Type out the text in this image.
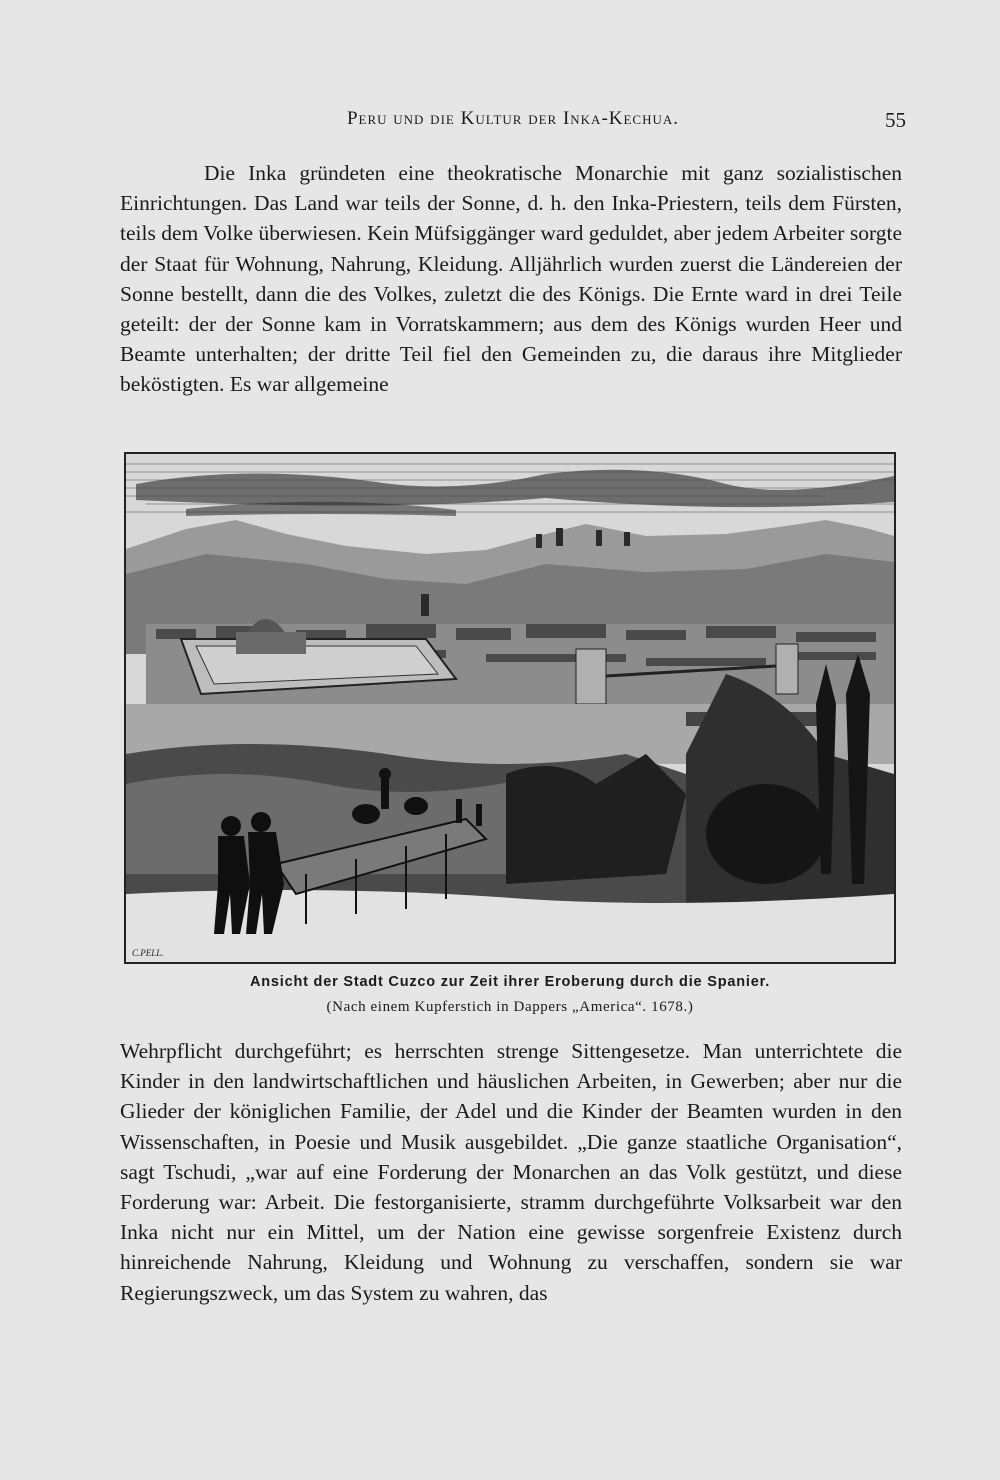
Peru und die Kultur der Inka-Kechua.	55

Die Inka gründeten eine theokratische Monarchie mit ganz sozialistischen Einrichtungen. Das Land war teils der Sonne, d. h. den Inka-Priestern, teils dem Fürsten, teils dem Volke überwiesen. Kein Müfsiggänger ward geduldet, aber jedem Arbeiter sorgte der Staat für Wohnung, Nahrung, Kleidung. Alljährlich wurden zuerst die Ländereien der Sonne bestellt, dann die des Volkes, zuletzt die des Königs. Die Ernte ward in drei Teile geteilt: der der Sonne kam in Vorratskammern; aus dem des Königs wurden Heer und Beamte unterhalten; der dritte Teil fiel den Gemeinden zu, die daraus ihre Mitglieder beköstigten. Es war allgemeine

C.PELL.
Ansicht der Stadt Cuzco zur Zeit ihrer Eroberung durch die Spanier.
(Nach einem Kupferstich in Dappers „America“. 1678.)

Wehrpflicht durchgeführt; es herrschten strenge Sittengesetze. Man unterrichtete die Kinder in den landwirtschaftlichen und häuslichen Arbeiten, in Gewerben; aber nur die Glieder der königlichen Familie, der Adel und die Kinder der Beamten wurden in den Wissenschaften, in Poesie und Musik ausgebildet. „Die ganze staatliche Organisation“, sagt Tschudi, „war auf eine Forderung der Monarchen an das Volk gestützt, und diese Forderung war: Arbeit. Die festorganisierte, stramm durchgeführte Volksarbeit war den Inka nicht nur ein Mittel, um der Nation eine gewisse sorgenfreie Existenz durch hinreichende Nahrung, Kleidung und Wohnung zu verschaffen, sondern sie war Regierungszweck, um das System zu wahren, das
